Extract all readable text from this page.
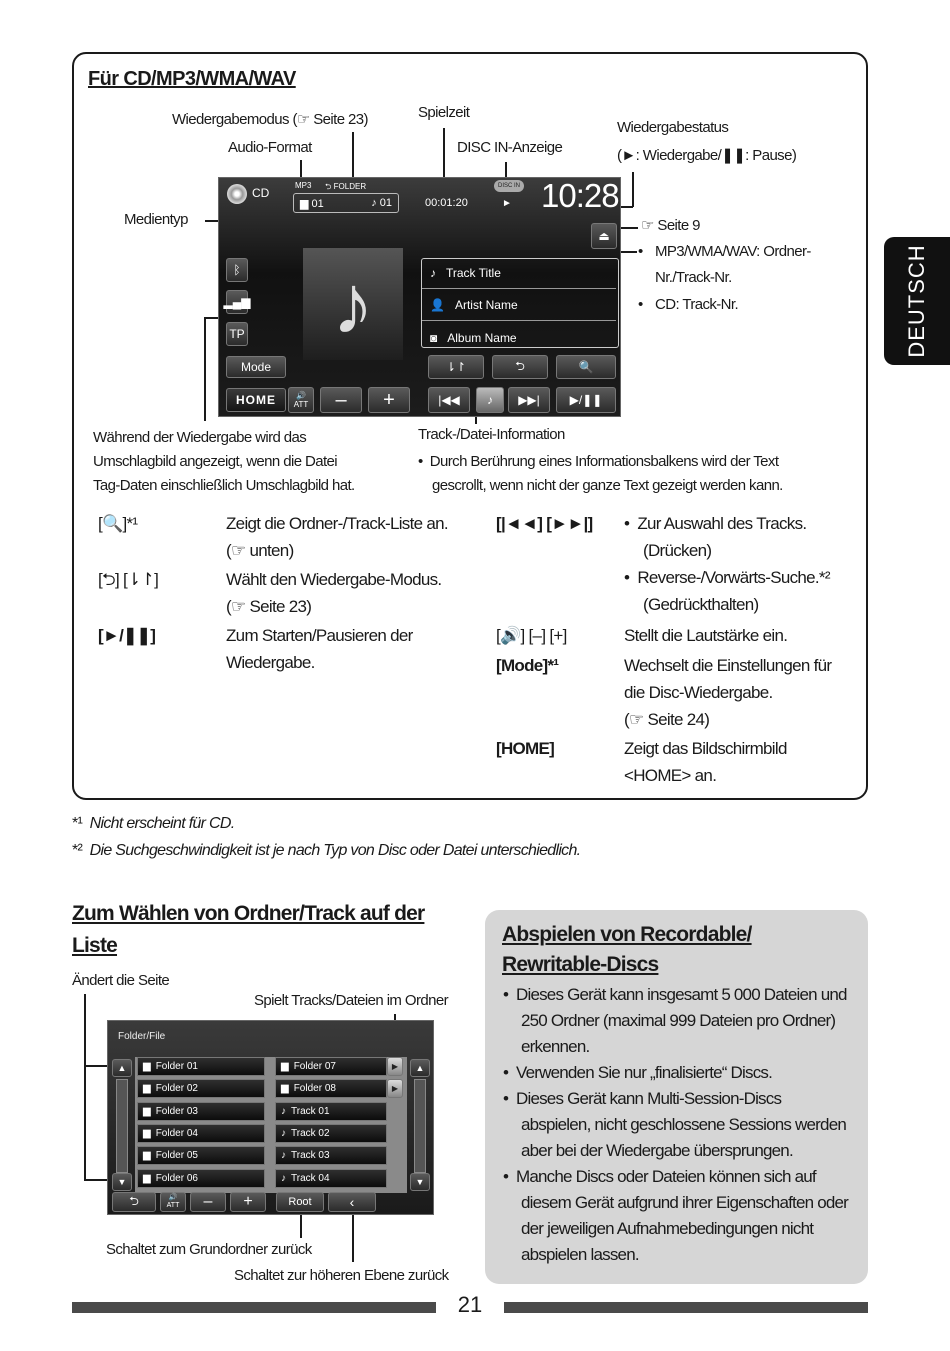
DEUTSCH
Für CD/MP3/WMA/WAV
Wiedergabemodus (☞ Seite 23)
Audio-Format
Spielzeit
DISC IN-Anzeige
Wiedergabestatus
(►: Wiedergabe/❚❚: Pause)
Medientyp	☞ Seite 9
• MP3/WMA/WAV: Ordner-
Nr./Track-Nr.
• CD: Track-Nr.
Während der Wiedergabe wird das
Umschlagbild angezeigt, wenn die Datei
Tag-Daten einschließlich Umschlagbild hat.
Track-/Datei-Information
•  Durch Berührung eines Informationsbalkens wird der Text
gescrollt, wenn nicht der ganze Text gezeigt werden kann.
CD
MP3 ⮌ FOLDER
▆ 01	♪ 01	00:01:20
DISC IN
► 10:28
⏏
ᛒ
▂▄▆
TP
Mode
HOME
♪	♪ Track Title
👤 Artist Name
◙ Album Name
⇂↾	⮌	🔍
🔊
ATT	–	+	|◀◀ ♪ ▶▶| ▶/❚❚
[🔍]*¹	Zeigt die Ordner-/Track-Liste an.
(☞ unten)
[⮌] [⇂↾]	Wählt den Wiedergabe-Modus.
(☞ Seite 23)
[►/❚❚]	Zum Starten/Pausieren der
Wiedergabe.
[|◄◄] [►►|] •  Zur Auswahl des Tracks.
(Drücken)
•  Reverse-/Vorwärts-Suche.*²
(Gedrückthalten)
[🔊] [–] [+]	Stellt die Lautstärke ein.
[Mode]*¹	Wechselt die Einstellungen für
die Disc-Wiedergabe.
(☞ Seite 24)
[HOME]	Zeigt das Bildschirmbild
<HOME> an.
*¹ Nicht erscheint für CD.
*² Die Suchgeschwindigkeit ist je nach Typ von Disc oder Datei unterschiedlich.
Zum Wählen von Ordner/Track auf der
Liste
Ändert die Seite
Spielt Tracks/Dateien im Ordner
Schaltet zum Grundordner zurück
Schaltet zur höheren Ebene zurück
Folder/File
▲
▼
▲
▼
▆ Folder 01
▆ Folder 02
▆ Folder 03
▆ Folder 04
▆ Folder 05
▆ Folder 06
▆ Folder 07
▆ Folder 08
▶
▶
♪ Track 01
♪ Track 02
♪ Track 03
♪ Track 04
⮌	🔊
ATT	–	+	Root	‹
Abspielen von Recordable/
Rewritable-Discs
•  Dieses Gerät kann insgesamt 5 000 Dateien und
250 Ordner (maximal 999 Dateien pro Ordner)
erkennen.
•  Verwenden Sie nur „finalisierte“ Discs.
•  Dieses Gerät kann Multi-Session-Discs
abspielen, nicht geschlossene Sessions werden
aber bei der Wiedergabe übersprungen.
•  Manche Discs oder Dateien können sich auf
diesem Gerät aufgrund ihrer Eigenschaften oder
der jeweiligen Aufnahmebedingungen nicht
abspielen lassen.
21
